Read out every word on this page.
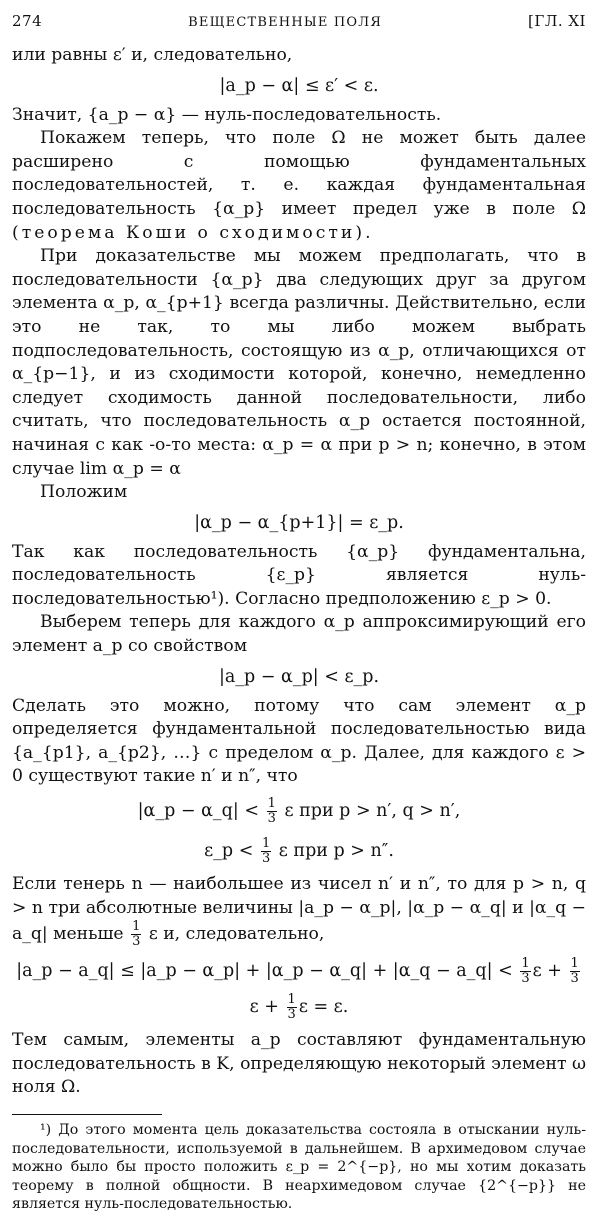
274	ВЕЩЕСТВЕННЫЕ ПОЛЯ	[ГЛ. XI

или равны ε′ и, следовательно,

|a_p − α| ≤ ε′ < ε.

Значит, {a_p − α} — нуль-последовательность.

Покажем теперь, что поле Ω не может быть далее расширено с помощью фундаментальных последовательностей, т. е. каждая фундаментальная последовательность {α_p} имеет предел уже в поле Ω (теорема Коши о сходимости).

При доказательстве мы можем предполагать, что в последовательности {α_p} два следующих друг за другом элемента α_p, α_{p+1} всегда различны. Действительно, если это не так, то мы либо можем выбрать подпоследовательность, состоящую из α_p, отличающихся от α_{p−1}, и из сходимости которой, конечно, немедленно следует сходимость данной последовательности, либо считать, что последовательность α_p остается постоянной, начиная с как -о-то места: α_p = α при p > n; конечно, в этом случае lim α_p = α

Положим

|α_p − α_{p+1}| = ε_p.

Так как последовательность {α_p} фундаментальна, последовательность {ε_p} является нуль-последовательностью¹). Согласно предположению ε_p > 0.

Выберем теперь для каждого α_p аппроксимирующий его элемент a_p со свойством

|a_p − α_p| < ε_p.

Сделать это можно, потому что сам элемент α_p определяется фундаментальной последовательностью вида {a_{p1}, a_{p2}, …} с пределом α_p. Далее, для каждого ε > 0 существуют такие n′ и n″, что

|α_p − α_q| < $\frac{1}{3}$ ε при p > n′, q > n′,
ε_p < $\frac{1}{3}$ ε при p > n″.

Если тенерь n — наибольшее из чисел n′ и n″, то для p > n, q > n три абсолютные величины |a_p − α_p|, |α_p − α_q| и |α_q − a_q| меньше $\frac{1}{3}$ ε и, следовательно,

|a_p − a_q| ≤ |a_p − α_p| + |α_p − α_q| + |α_q − a_q| < $\frac{1}{3}$ $\varepsilon + \frac{1}{3}$
$\varepsilon + \frac{1}{3}$ ε = ε.

Тем самым, элементы a_p составляют фундаментальную последовательность в K, определяющую некоторый элемент ω ноля Ω.

¹) До этого момента цель доказательства состояла в отыскании нуль-последовательности, используемой в дальнейшем. В архимедовом случае можно было бы просто положить ε_p = 2^{−p}, но мы хотим доказать теорему в полной общности. В неархимедовом случае {2^{−p}} не является нуль-последовательностью.
